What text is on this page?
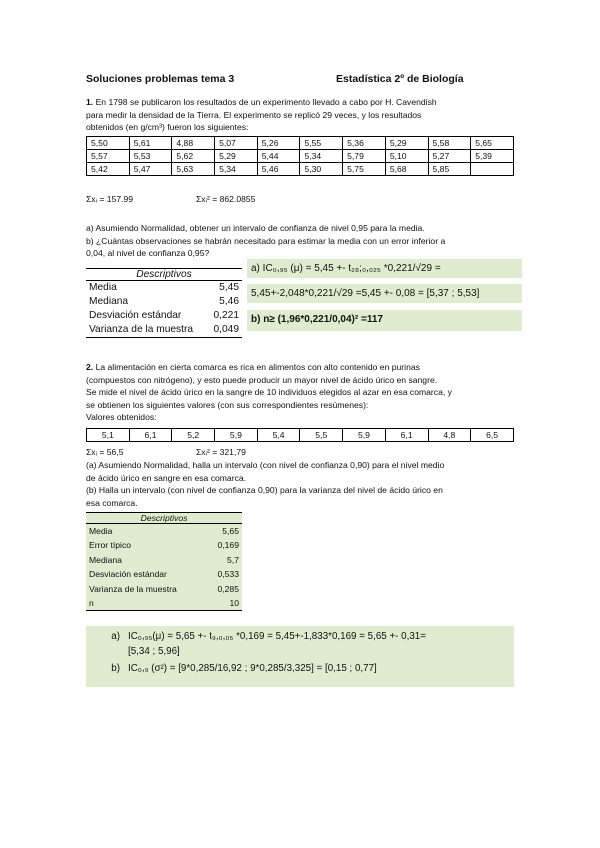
Soluciones problemas tema 3	Estadística 2º de Biología
1. En 1798 se publicaron los resultados de un experimento llevado a cabo por H. Cavendish
para medir la densidad de la Tierra. El experimento se replicó 29 veces, y los resultados
obtenidos (en g/cm³) fueron los siguientes:
5,50	5,61	4,88	5,07	5,26	5,55	5,36	5,29	5,58	5,65
5,57	5,53	5,62	5,29	5,44	5,34	5,79	5,10	5,27	5,39
5,42	5,47	5,63	5,34	5,46	5,30	5,75	5,68	5,85	
Σxᵢ = 157.99	Σxᵢ² = 862.0855
a) Asumiendo Normalidad, obtener un intervalo de confianza de nivel 0,95 para la media.
b) ¿Cuántas observaciones se habrán necesitado para estimar la media con un error inferior a
0,04, al nivel de confianza 0,95?
Descriptivos
Media	5,45
Mediana	5,46
Desviación estándar	0,221
Varianza de la muestra 0,049
a) IC₀,₉₅ (μ) = 5,45 +- t₂₈;₀,₀₂₅ *0,221/√29 =
5,45+-2,048*0,221/√29 =5,45 +- 0,08 = [5,37 ; 5,53]
b) n≥ (1,96*0,221/0,04)² =117
2. La alimentación en cierta comarca es rica en alimentos con alto contenido en purinas
(compuestos con nitrógeno), y esto puede producir un mayor nivel de ácido úrico en sangre.
Se mide el nivel de ácido úrico en la sangre de 10 individuos elegidos al azar en esa comarca, y
se obtienen los siguientes valores (con sus correspondientes resúmenes):
Valores obtenidos:
5,1	6,1	5,2	5,9	5,4	5,5	5,9	6,1	4,8	6,5
Σxᵢ = 56,5	Σxᵢ² = 321,79
(a) Asumiendo Normalidad, halla un intervalo (con nivel de confianza 0,90) para el nivel medio
de ácido úrico en sangre en esa comarca.
(b) Halla un intervalo (con nivel de confianza 0,90) para la varianza del nivel de ácido úrico en
esa comarca.
Descriptivos
Media	5,65
Error típico	0,169
Mediana	5,7
Desviación estándar	0,533
Varianza de la muestra	0,285
n	10
a) IC₀,₉₅(μ) = 5,65 +- t₉,₀,₀₅ *0,169 = 5,45+-1,833*0,169 = 5,65 +- 0,31=
[5,34 ; 5,96]
b) IC₀,₉ (σ²) = [9*0,285/16,92 ; 9*0,285/3,325] = [0,15 ; 0,77]
